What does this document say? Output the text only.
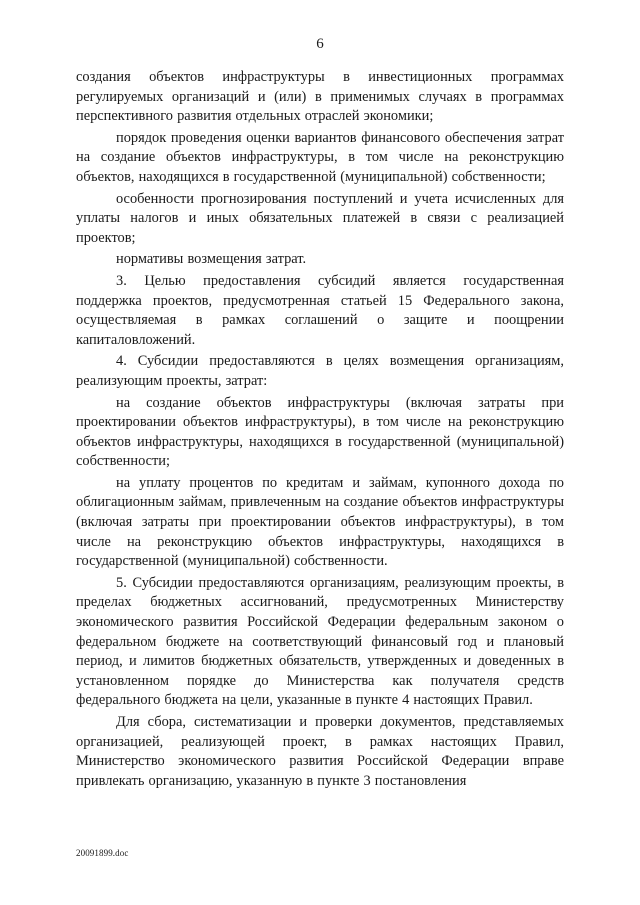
6

создания объектов инфраструктуры в инвестиционных программах регулируемых организаций и (или) в применимых случаях в программах перспективного развития отдельных отраслей экономики;

порядок проведения оценки вариантов финансового обеспечения затрат на создание объектов инфраструктуры, в том числе на реконструкцию объектов, находящихся в государственной (муниципальной) собственности;

особенности прогнозирования поступлений и учета исчисленных для уплаты налогов и иных обязательных платежей в связи с реализацией проектов;

нормативы возмещения затрат.

3. Целью предоставления субсидий является государственная поддержка проектов, предусмотренная статьей 15 Федерального закона, осуществляемая в рамках соглашений о защите и поощрении капиталовложений.

4. Субсидии предоставляются в целях возмещения организациям, реализующим проекты, затрат:

на создание объектов инфраструктуры (включая затраты при проектировании объектов инфраструктуры), в том числе на реконструкцию объектов инфраструктуры, находящихся в государственной (муниципальной) собственности;

на уплату процентов по кредитам и займам, купонного дохода по облигационным займам, привлеченным на создание объектов инфраструктуры (включая затраты при проектировании объектов инфраструктуры), в том числе на реконструкцию объектов инфраструктуры, находящихся в государственной (муниципальной) собственности.

5. Субсидии предоставляются организациям, реализующим проекты, в пределах бюджетных ассигнований, предусмотренных Министерству экономического развития Российской Федерации федеральным законом о федеральном бюджете на соответствующий финансовый год и плановый период, и лимитов бюджетных обязательств, утвержденных и доведенных в установленном порядке до Министерства как получателя средств федерального бюджета на цели, указанные в пункте 4 настоящих Правил.

Для сбора, систематизации и проверки документов, представляемых организацией, реализующей проект, в рамках настоящих Правил, Министерство экономического развития Российской Федерации вправе привлекать организацию, указанную в пункте 3 постановления

20091899.doc
